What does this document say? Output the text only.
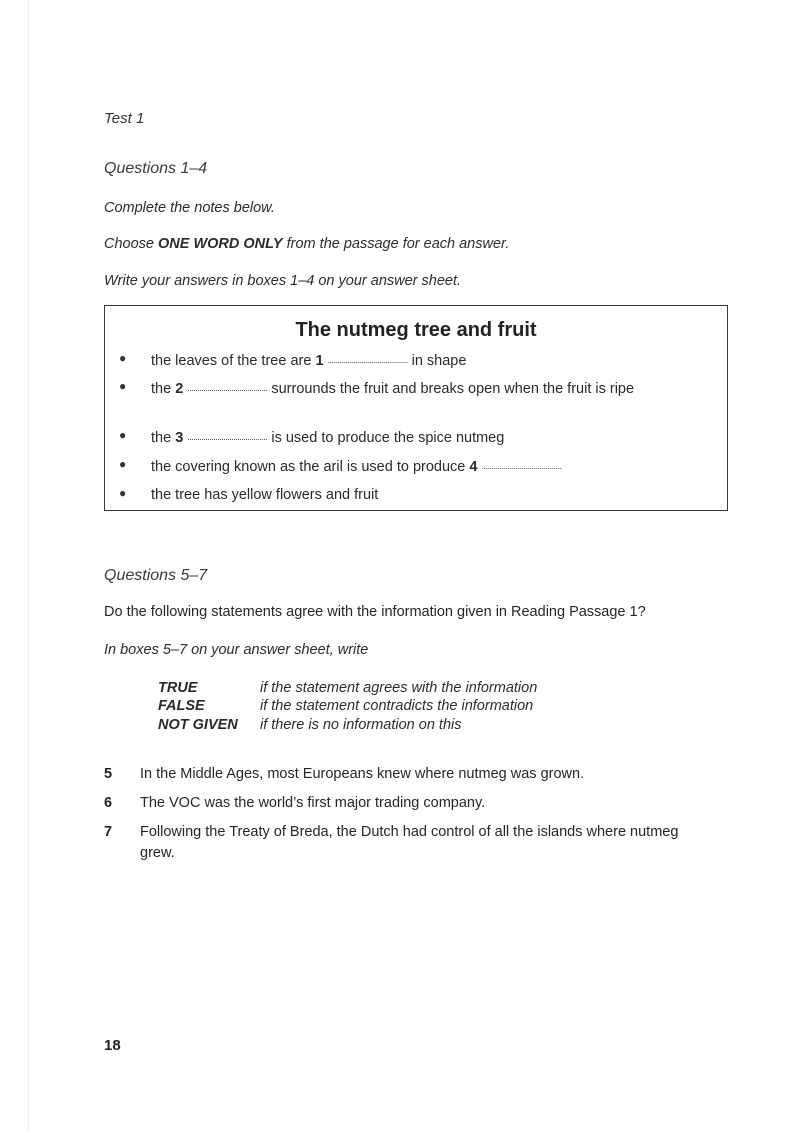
Test 1
Questions 1–4
Complete the notes below.
Choose ONE WORD ONLY from the passage for each answer.
Write your answers in boxes 1–4 on your answer sheet.
The nutmeg tree and fruit
● the leaves of the tree are 1 ........................................ in shape
● the 2 ........................................ surrounds the fruit and breaks open when the fruit is ripe
● the 3 ........................................ is used to produce the spice nutmeg
● the covering known as the aril is used to produce 4 ........................................
● the tree has yellow flowers and fruit
Questions 5–7
Do the following statements agree with the information given in Reading Passage 1?
In boxes 5–7 on your answer sheet, write
TRUE	if the statement agrees with the information
FALSE	if the statement contradicts the information
NOT GIVEN if there is no information on this
5 In the Middle Ages, most Europeans knew where nutmeg was grown.
6 The VOC was the world’s first major trading company.
7 Following the Treaty of Breda, the Dutch had control of all the islands where nutmeg grew.
18
